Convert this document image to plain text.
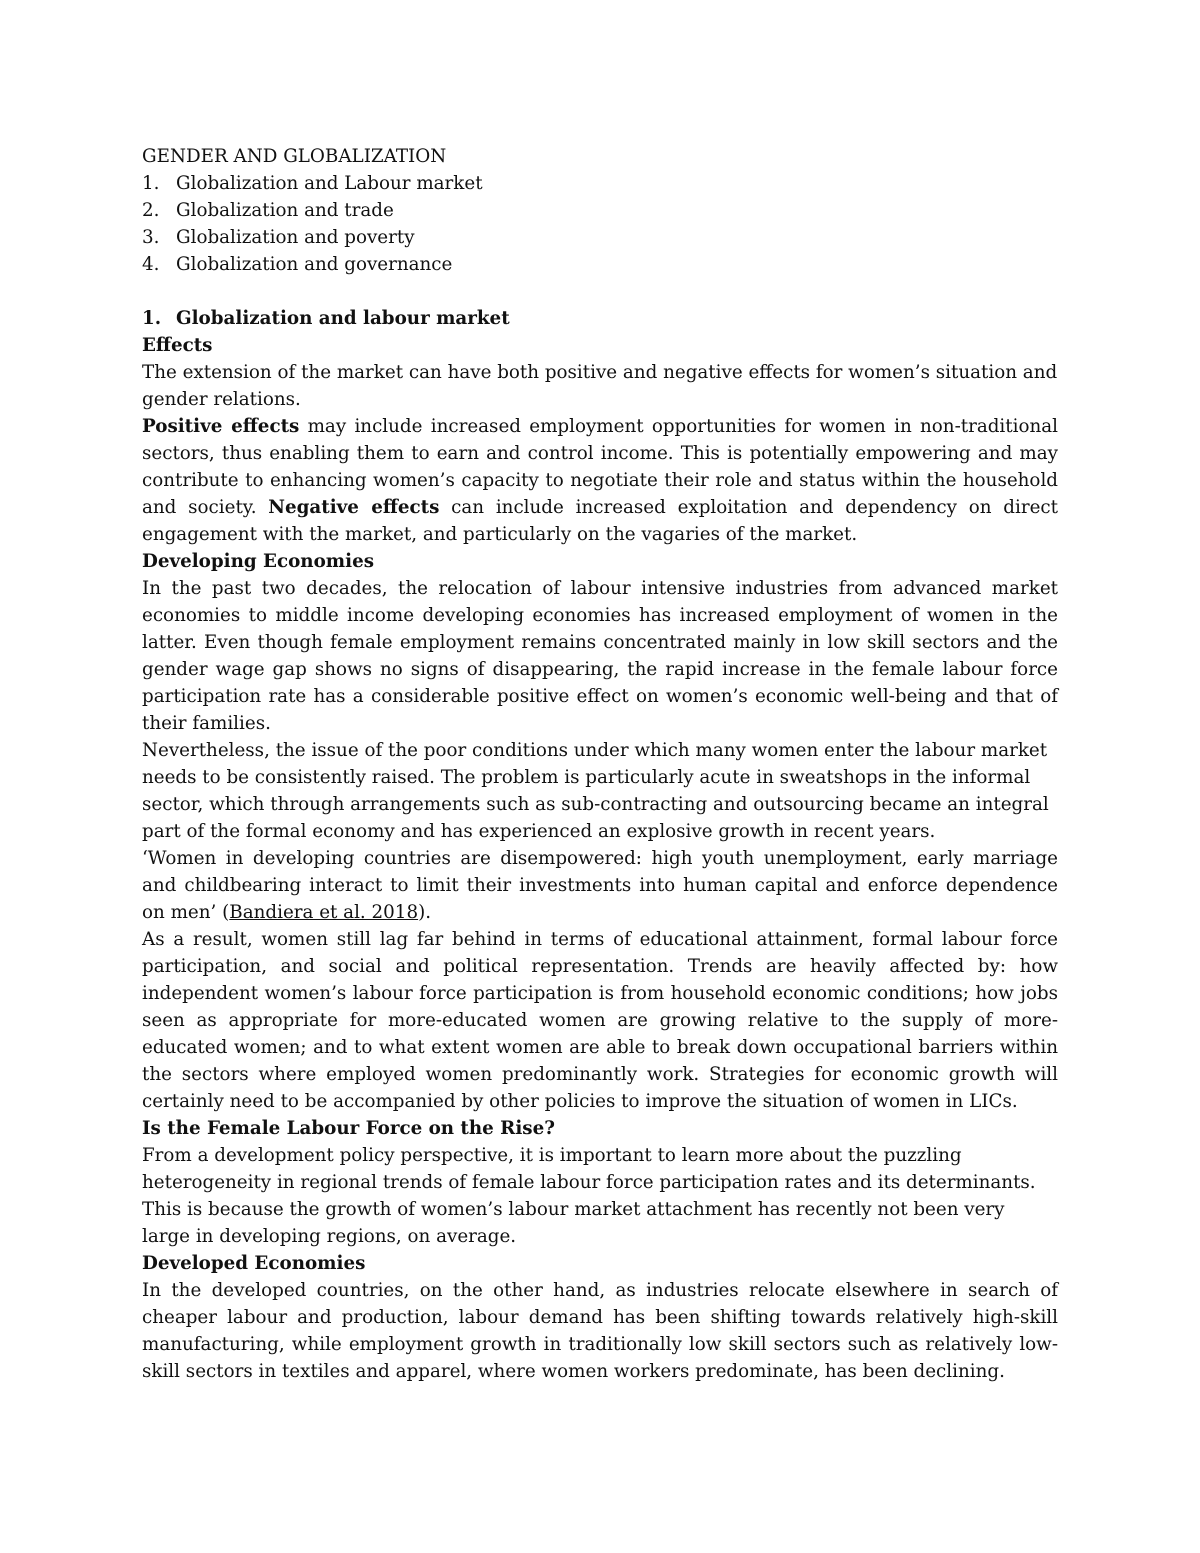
GENDER AND GLOBALIZATION

1. Globalization and Labour market
2. Globalization and trade
3. Globalization and poverty
4. Globalization and governance
1. Globalization and labour market

Effects

The extension of the market can have both positive and negative effects for women’s situation and gender relations.

Positive effects may include increased employment opportunities for women in non-traditional sectors, thus enabling them to earn and control income. This is potentially empowering and may contribute to enhancing women’s capacity to negotiate their role and status within the household and society. Negative effects can include increased exploitation and dependency on direct engagement with the market, and particularly on the vagaries of the market.

Developing Economies

In the past two decades, the relocation of labour intensive industries from advanced market economies to middle income developing economies has increased employment of women in the latter. Even though female employment remains concentrated mainly in low skill sectors and the gender wage gap shows no signs of disappearing, the rapid increase in the female labour force participation rate has a considerable positive effect on women’s economic well-being and that of their families.

Nevertheless, the issue of the poor conditions under which many women enter the labour market needs to be consistently raised. The problem is particularly acute in sweatshops in the informal sector, which through arrangements such as sub-contracting and outsourcing became an integral part of the formal economy and has experienced an explosive growth in recent years.

‘Women in developing countries are disempowered: high youth unemployment, early marriage and childbearing interact to limit their investments into human capital and enforce dependence on men’ (Bandiera et al. 2018).

As a result, women still lag far behind in terms of educational attainment, formal labour force participation, and social and political representation. Trends are heavily affected by: how independent women’s labour force participation is from household economic conditions; how jobs seen as appropriate for more-educated women are growing relative to the supply of more-educated women; and to what extent women are able to break down occupational barriers within the sectors where employed women predominantly work. Strategies for economic growth will certainly need to be accompanied by other policies to improve the situation of women in LICs.

Is the Female Labour Force on the Rise?

From a development policy perspective, it is important to learn more about the puzzling heterogeneity in regional trends of female labour force participation rates and its determinants. This is because the growth of women’s labour market attachment has recently not been very large in developing regions, on average.

Developed Economies

In the developed countries, on the other hand, as industries relocate elsewhere in search of cheaper labour and production, labour demand has been shifting towards relatively high-skill manufacturing, while employment growth in traditionally low skill sectors such as relatively low-skill sectors in textiles and apparel, where women workers predominate, has been declining.
